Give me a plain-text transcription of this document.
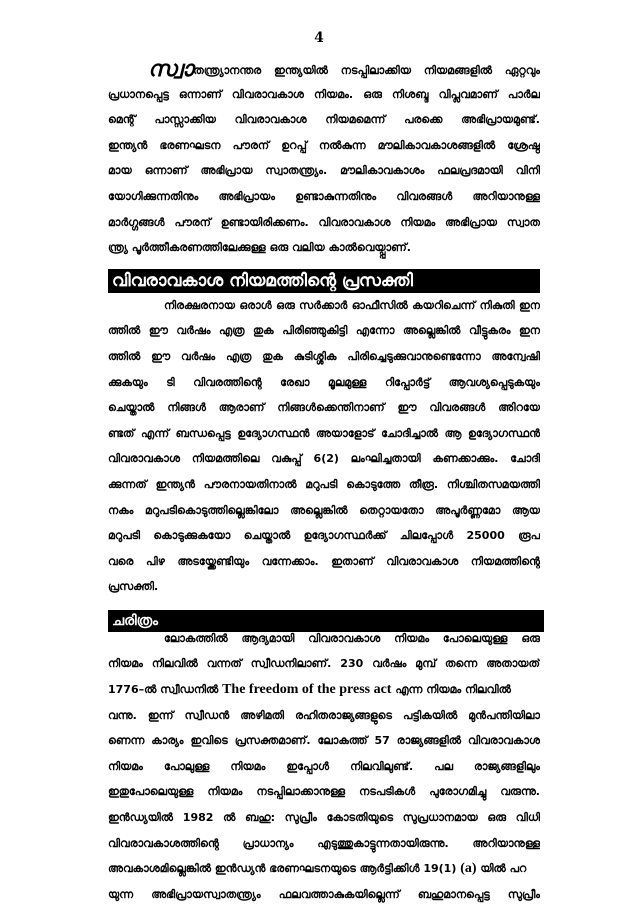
4
സ്വാതന്ത്ര്യാനന്തര ഇന്ത്യയിൽ നടപ്പിലാക്കിയ നിയമങ്ങളിൽ ഏറ്റവും
പ്രധാനപ്പെട്ട ഒന്നാണ് വിവരാവകാശ നിയമം. ഒരു നിശബ്ദ വിപ്ലവമാണ് പാർല
മെന്റ് പാസ്സാക്കിയ വിവരാവകാശ നിയമമെന്ന് പരക്കെ അഭിപ്രായമുണ്ട്.
ഇന്ത്യൻ ഭരണഘടന പൗരന് ഉറപ്പ് നൽകുന്ന മൗലികാവകാശങ്ങളിൽ ശ്രേഷ്ഠ
മായ ഒന്നാണ് അഭിപ്രായ സ്വാതന്ത്ര്യം. മൗലികാവകാശം ഫലപ്രദമായി വിനി
യോഗിക്കുന്നതിനും അഭിപ്രായം ഉണ്ടാകുന്നതിനും വിവരങ്ങൾ അറിയാനുള്ള
മാർഗ്ഗങ്ങൾ പൗരന് ഉണ്ടായിരിക്കണം. വിവരാവകാശ നിയമം അഭിപ്രായ സ്വാത
ന്ത്ര്യ പൂർത്തീകരണത്തിലേക്കുള്ള ഒരു വലിയ കാൽവെയ്പ്പാണ്.
വിവരാവകാശ നിയമത്തിന്റെ പ്രസക്തി
നിരക്ഷരനായ ഒരാൾ ഒരു സർക്കാർ ഓഫീസിൽ കയറിചെന്ന് നികുതി ഇന
ത്തിൽ ഈ വർഷം എത്ര തുക പിരിഞ്ഞുകിട്ടി എന്നോ അല്ലെങ്കിൽ വീട്ടുകരം ഇന
ത്തിൽ ഈ വർഷം എത്ര തുക കുടിശ്ശിക പിരിച്ചെടുക്കുവാനുണ്ടെന്നോ അന്വേഷി
ക്കുകയും ടി വിവരത്തിന്റെ രേഖാ മൂലമുള്ള റിപ്പോർട്ട് ആവശ്യപ്പെടുകയും
ചെയ്താൽ നിങ്ങൾ ആരാണ് നിങ്ങൾക്കെന്തിനാണ് ഈ വിവരങ്ങൾ അിറയേ
ണ്ടത് എന്ന് ബന്ധപ്പെട്ട ഉദ്യോഗസ്ഥൻ അയാളോട് ചോദിച്ചാൽ ആ ഉദ്യോഗസ്ഥൻ
വിവരാവകാശ നിയമത്തിലെ വകുപ്പ് 6(2) ലംഘിച്ചതായി കണക്കാക്കും. ചോദി
ക്കുന്നത് ഇന്ത്യൻ പൗരനായതിനാൽ മറുപടി കൊടുത്തേ തീരൂ. നിശ്ചിതസമയത്തി
നകം മറുപടികൊടുത്തില്ലെങ്കിലോ അല്ലെങ്കിൽ തെറ്റായതോ അപൂർണ്ണമോ ആയ
മറുപടി കൊടുക്കുകയോ ചെയ്താൽ ഉദ്യോഗസ്ഥർക്ക് ചിലപ്പോൾ 25000 രൂപ
വരെ പിഴ അടയ്ക്കേണ്ടിയും വന്നേക്കാം. ഇതാണ് വിവരാവകാശ നിയമത്തിന്റെ
പ്രസക്തി.
ചരിത്രം
ലോകത്തിൽ ആദ്യമായി വിവരാവകാശ നിയമം പോലെയുള്ള ഒരു
നിയമം നിലവിൽ വന്നത് സ്വീഡനിലാണ്. 230 വർഷം മുമ്പ് തന്നെ അതായത്
1776–ൽ സ്വീഡനിൽ The freedom of the press act എന്ന നിയമം നിലവിൽ
വന്നു. ഇന്ന് സ്വീഡൻ അഴിമതി രഹിതരാജ്യങ്ങളുടെ പട്ടികയിൽ മുൻപന്തിയിലാ
ണെന്ന കാര്യം ഇവിടെ പ്രസക്തമാണ്. ലോകത്ത് 57 രാജ്യങ്ങളിൽ വിവരാവകാശ
നിയമം പോലുള്ള നിയമം ഇപ്പോൾ നിലവിലുണ്ട്. പല രാജ്യങ്ങളിലും
ഇതുപോലെയുള്ള നിയമം നടപ്പിലാക്കാനുള്ള നടപടികൾ പുരോഗമിച്ചു വരുന്നു.
ഇൻഡ്യയിൽ 1982 ൽ ബഹു: സുപ്രീം കോടതിയുടെ സുപ്രധാനമായ ഒരു വിധി
വിവരാവകാശത്തിന്റെ പ്രാധാന്യം എടുത്തുകാട്ടുന്നതായിരുന്നു. അറിയാനുള്ള
അവകാശമില്ലെങ്കിൽ ഇൻഡ്യൻ ഭരണഘടനയുടെ ആർട്ടിക്കിൾ 19(1) (a) യിൽ പറ
യുന്ന അഭിപ്രായസ്വാതന്ത്ര്യം ഫലവത്താകുകയില്ലെന്ന് ബഹുമാനപ്പെട്ട സുപ്രീം
